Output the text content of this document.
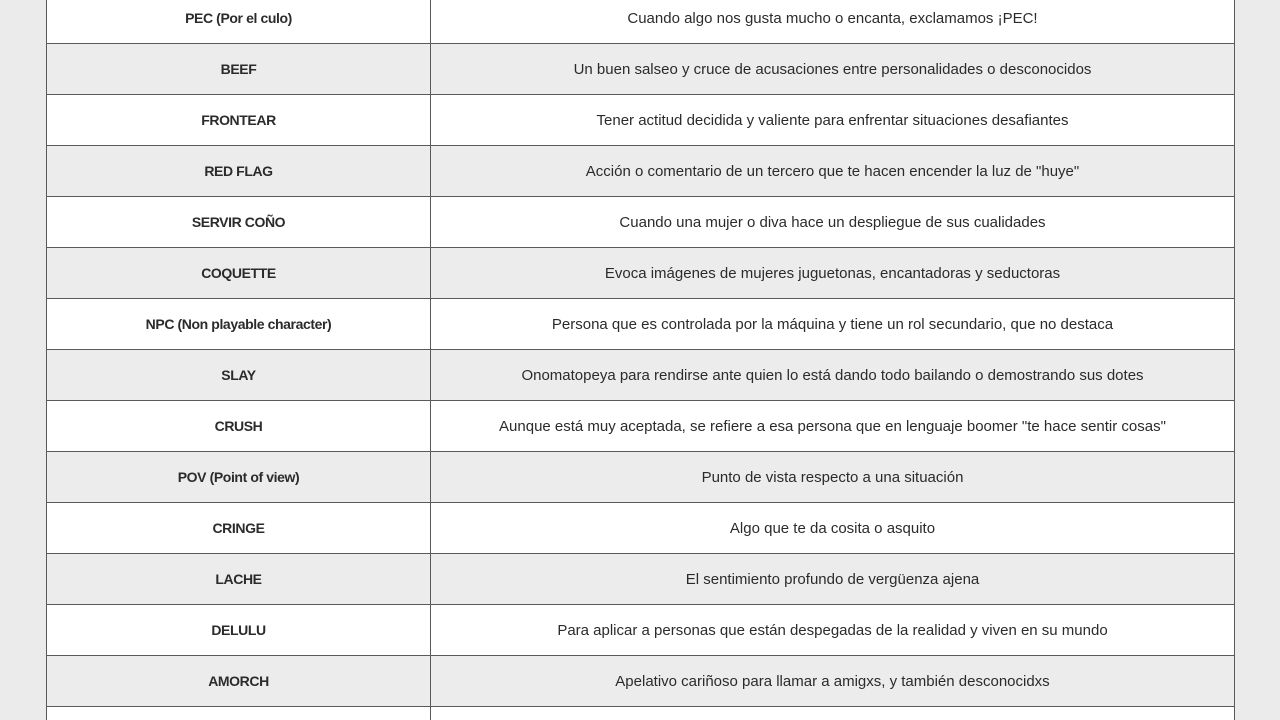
PEC (Por el culo)	Cuando algo nos gusta mucho o encanta, exclamamos ¡PEC!
BEEF	Un buen salseo y cruce de acusaciones entre personalidades o desconocidos
FRONTEAR	Tener actitud decidida y valiente para enfrentar situaciones desafiantes
RED FLAG	Acción o comentario de un tercero que te hacen encender la luz de "huye"
SERVIR COÑO	Cuando una mujer o diva hace un despliegue de sus cualidades
COQUETTE	Evoca imágenes de mujeres juguetonas, encantadoras y seductoras
NPC (Non playable character)	Persona que es controlada por la máquina y tiene un rol secundario, que no destaca
SLAY	Onomatopeya para rendirse ante quien lo está dando todo bailando o demostrando sus dotes
CRUSH	Aunque está muy aceptada, se refiere a esa persona que en lenguaje boomer "te hace sentir cosas"
POV (Point of view)	Punto de vista respecto a una situación
CRINGE	Algo que te da cosita o asquito
LACHE	El sentimiento profundo de vergüenza ajena
DELULU	Para aplicar a personas que están despegadas de la realidad y viven en su mundo
AMORCH	Apelativo cariñoso para llamar a amigxs, y también desconocidxs
